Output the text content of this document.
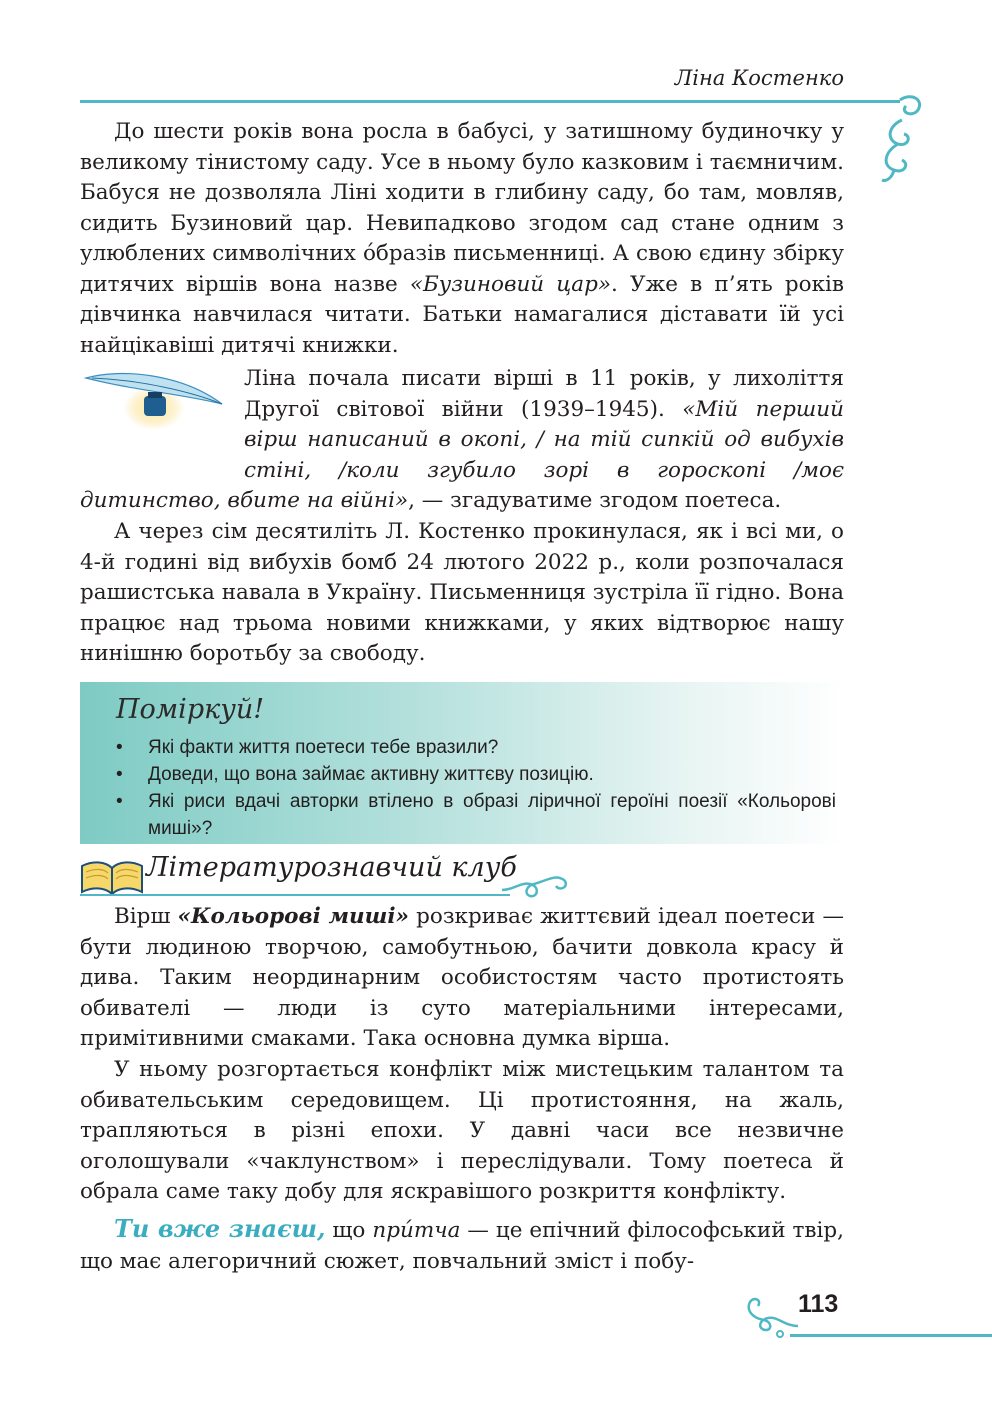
Ліна Костенко

До шести років вона росла в бабусі, у затишному будиночку у великому тінистому саду. Усе в ньому було казковим і таємничим. Бабуся не дозволяла Ліні ходити в глибину саду, бо там, мовляв, сидить Бузиновий цар. Невипадково згодом сад стане одним з улюблених символічних о́бразів письменниці. А свою єдину збірку дитячих віршів вона назве «Бузиновий цар». Уже в п’ять років дівчинка навчилася читати. Батьки намагалися діставати їй усі найцікавіші дитячі книжки.

Ліна почала писати вірші в 11 років, у лихоліття Другої світової війни (1939–1945). «Мій перший вірш написаний в окопі, / на тій сипкій од вибухів стіні, /коли згубило зорі в гороскопі /моє дитинство, вбите на війні», — згадуватиме згодом поетеса.

А через сім десятиліть Л. Костенко прокинулася, як і всі ми, о 4-й годині від вибухів бомб 24 лютого 2022 р., коли розпочалася рашистська навала в Україну. Письменниця зустріла її гідно. Вона працює над трьома новими книжками, у яких відтворює нашу нинішню боротьбу за свободу.

Поміркуй!
• Які факти життя поетеси тебе вразили?
• Доведи, що вона займає активну життєву позицію.
• Які риси вдачі авторки втілено в образі ліричної героїні поезії «Кольорові миші»?
Літературознавчий клуб

Вірш «Кольорові миші» розкриває життєвий ідеал поетеси — бути людиною творчою, самобутньою, бачити довкола красу й дива. Таким неординарним особистостям часто протистоять обивателі — люди із суто матеріальними інтересами, примітивними смаками. Така основна думка вірша.

У ньому розгортається конфлікт між мистецьким талантом та обивательським середовищем. Ці протистояння, на жаль, трапляються в різні епохи. У давні часи все незвичне оголошували «чаклунством» і переслідували. Тому поетеса й обрала саме таку добу для яскравішого розкриття конфлікту.

Ти вже знаєш, що при́тча — це епічний філософський твір, що має алегоричний сюжет, повчальний зміст і побу-

113
